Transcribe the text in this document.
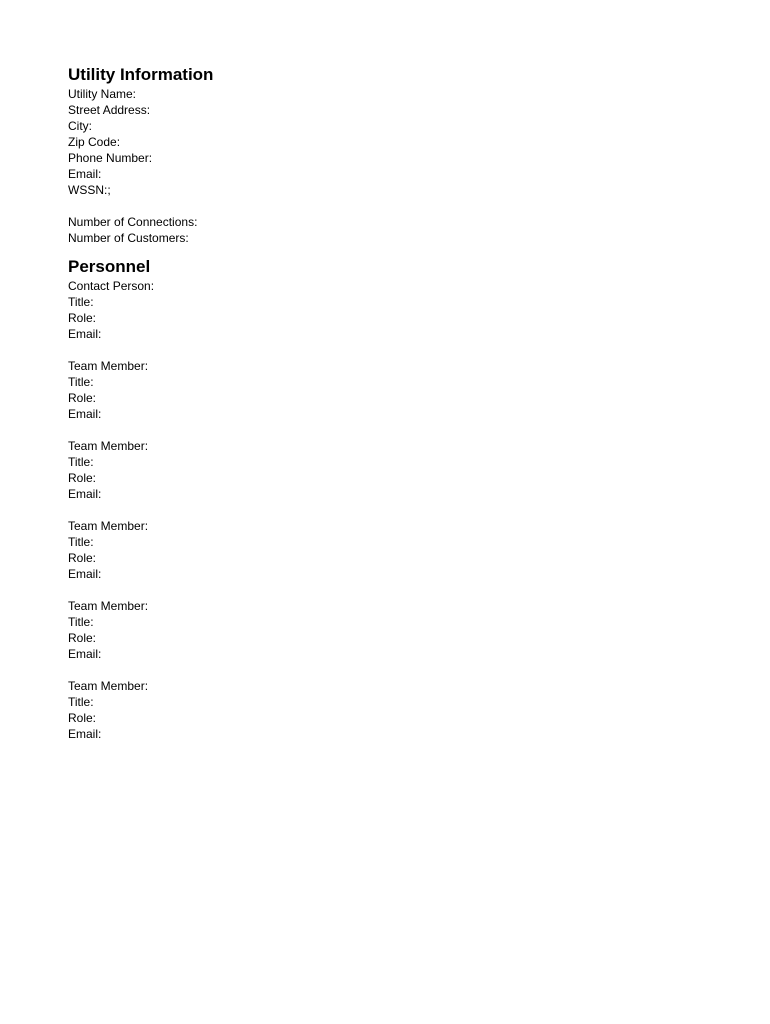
Utility Information
Utility Name:
Street Address:
City:
Zip Code:
Phone Number:
Email:
WSSN:;
Number of Connections:
Number of Customers:
Personnel
Contact Person:
Title:
Role:
Email:
Team Member:
Title:
Role:
Email:
Team Member:
Title:
Role:
Email:
Team Member:
Title:
Role:
Email:
Team Member:
Title:
Role:
Email:
Team Member:
Title:
Role:
Email:
